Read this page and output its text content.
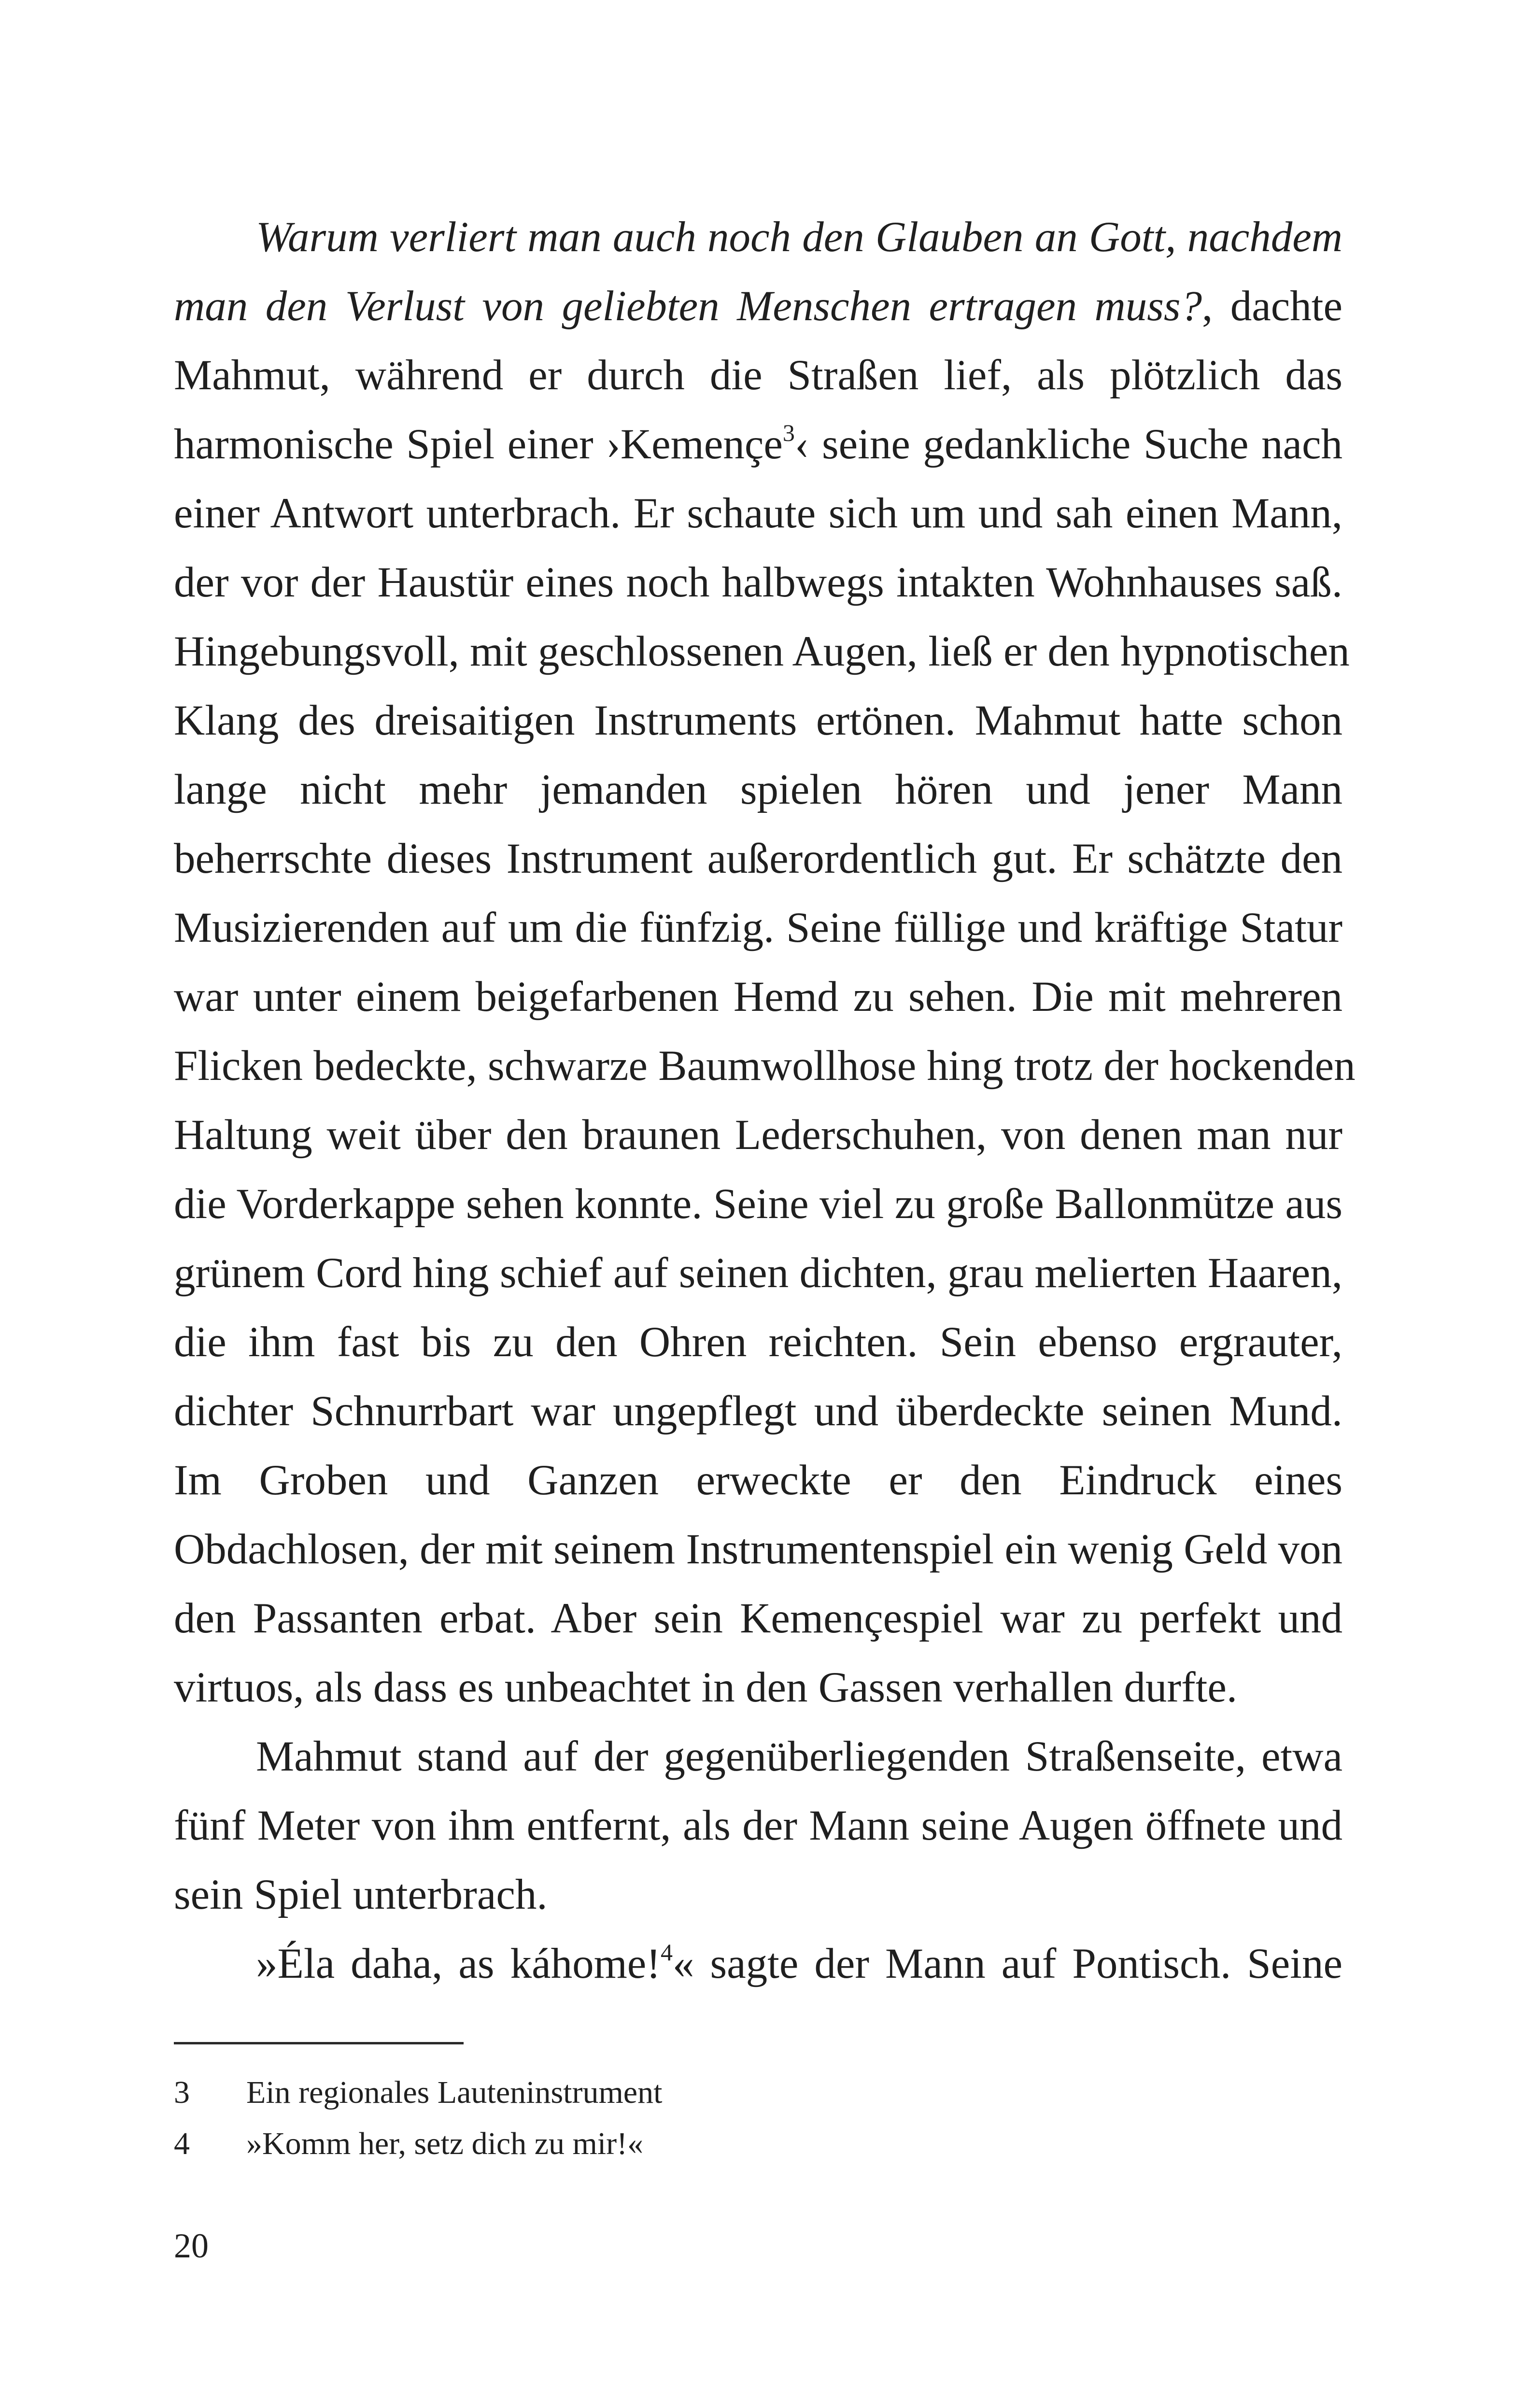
Warum verliert man auch noch den Glauben an Gott, nachdem
man den Verlust von geliebten Menschen ertragen muss?, dachte
Mahmut, während er durch die Straßen lief, als plötzlich das
harmonische Spiel einer ›Kemençe$^3$‹ seine gedankliche Suche nach
einer Antwort unterbrach. Er schaute sich um und sah einen Mann,
der vor der Haustür eines noch halbwegs intakten Wohnhauses saß.
Hingebungsvoll, mit geschlossenen Augen, ließ er den hypnotischen
Klang des dreisaitigen Instruments ertönen. Mahmut hatte schon
lange nicht mehr jemanden spielen hören und jener Mann
beherrschte dieses Instrument außerordentlich gut. Er schätzte den
Musizierenden auf um die fünfzig. Seine füllige und kräftige Statur
war unter einem beigefarbenen Hemd zu sehen. Die mit mehreren
Flicken bedeckte, schwarze Baumwollhose hing trotz der hockenden
Haltung weit über den braunen Lederschuhen, von denen man nur
die Vorderkappe sehen konnte. Seine viel zu große Ballonmütze aus
grünem Cord hing schief auf seinen dichten, grau melierten Haaren,
die ihm fast bis zu den Ohren reichten. Sein ebenso ergrauter,
dichter Schnurrbart war ungepflegt und überdeckte seinen Mund.
Im Groben und Ganzen erweckte er den Eindruck eines
Obdachlosen, der mit seinem Instrumentenspiel ein wenig Geld von
den Passanten erbat. Aber sein Kemençespiel war zu perfekt und
virtuos, als dass es unbeachtet in den Gassen verhallen durfte.
Mahmut stand auf der gegenüberliegenden Straßenseite, etwa
fünf Meter von ihm entfernt, als der Mann seine Augen öffnete und
sein Spiel unterbrach.
»Éla daha, as káhome!$^4$« sagte der Mann auf Pontisch. Seine
3 Ein regionales Lauteninstrument
4 »Komm her, setz dich zu mir!«
20
